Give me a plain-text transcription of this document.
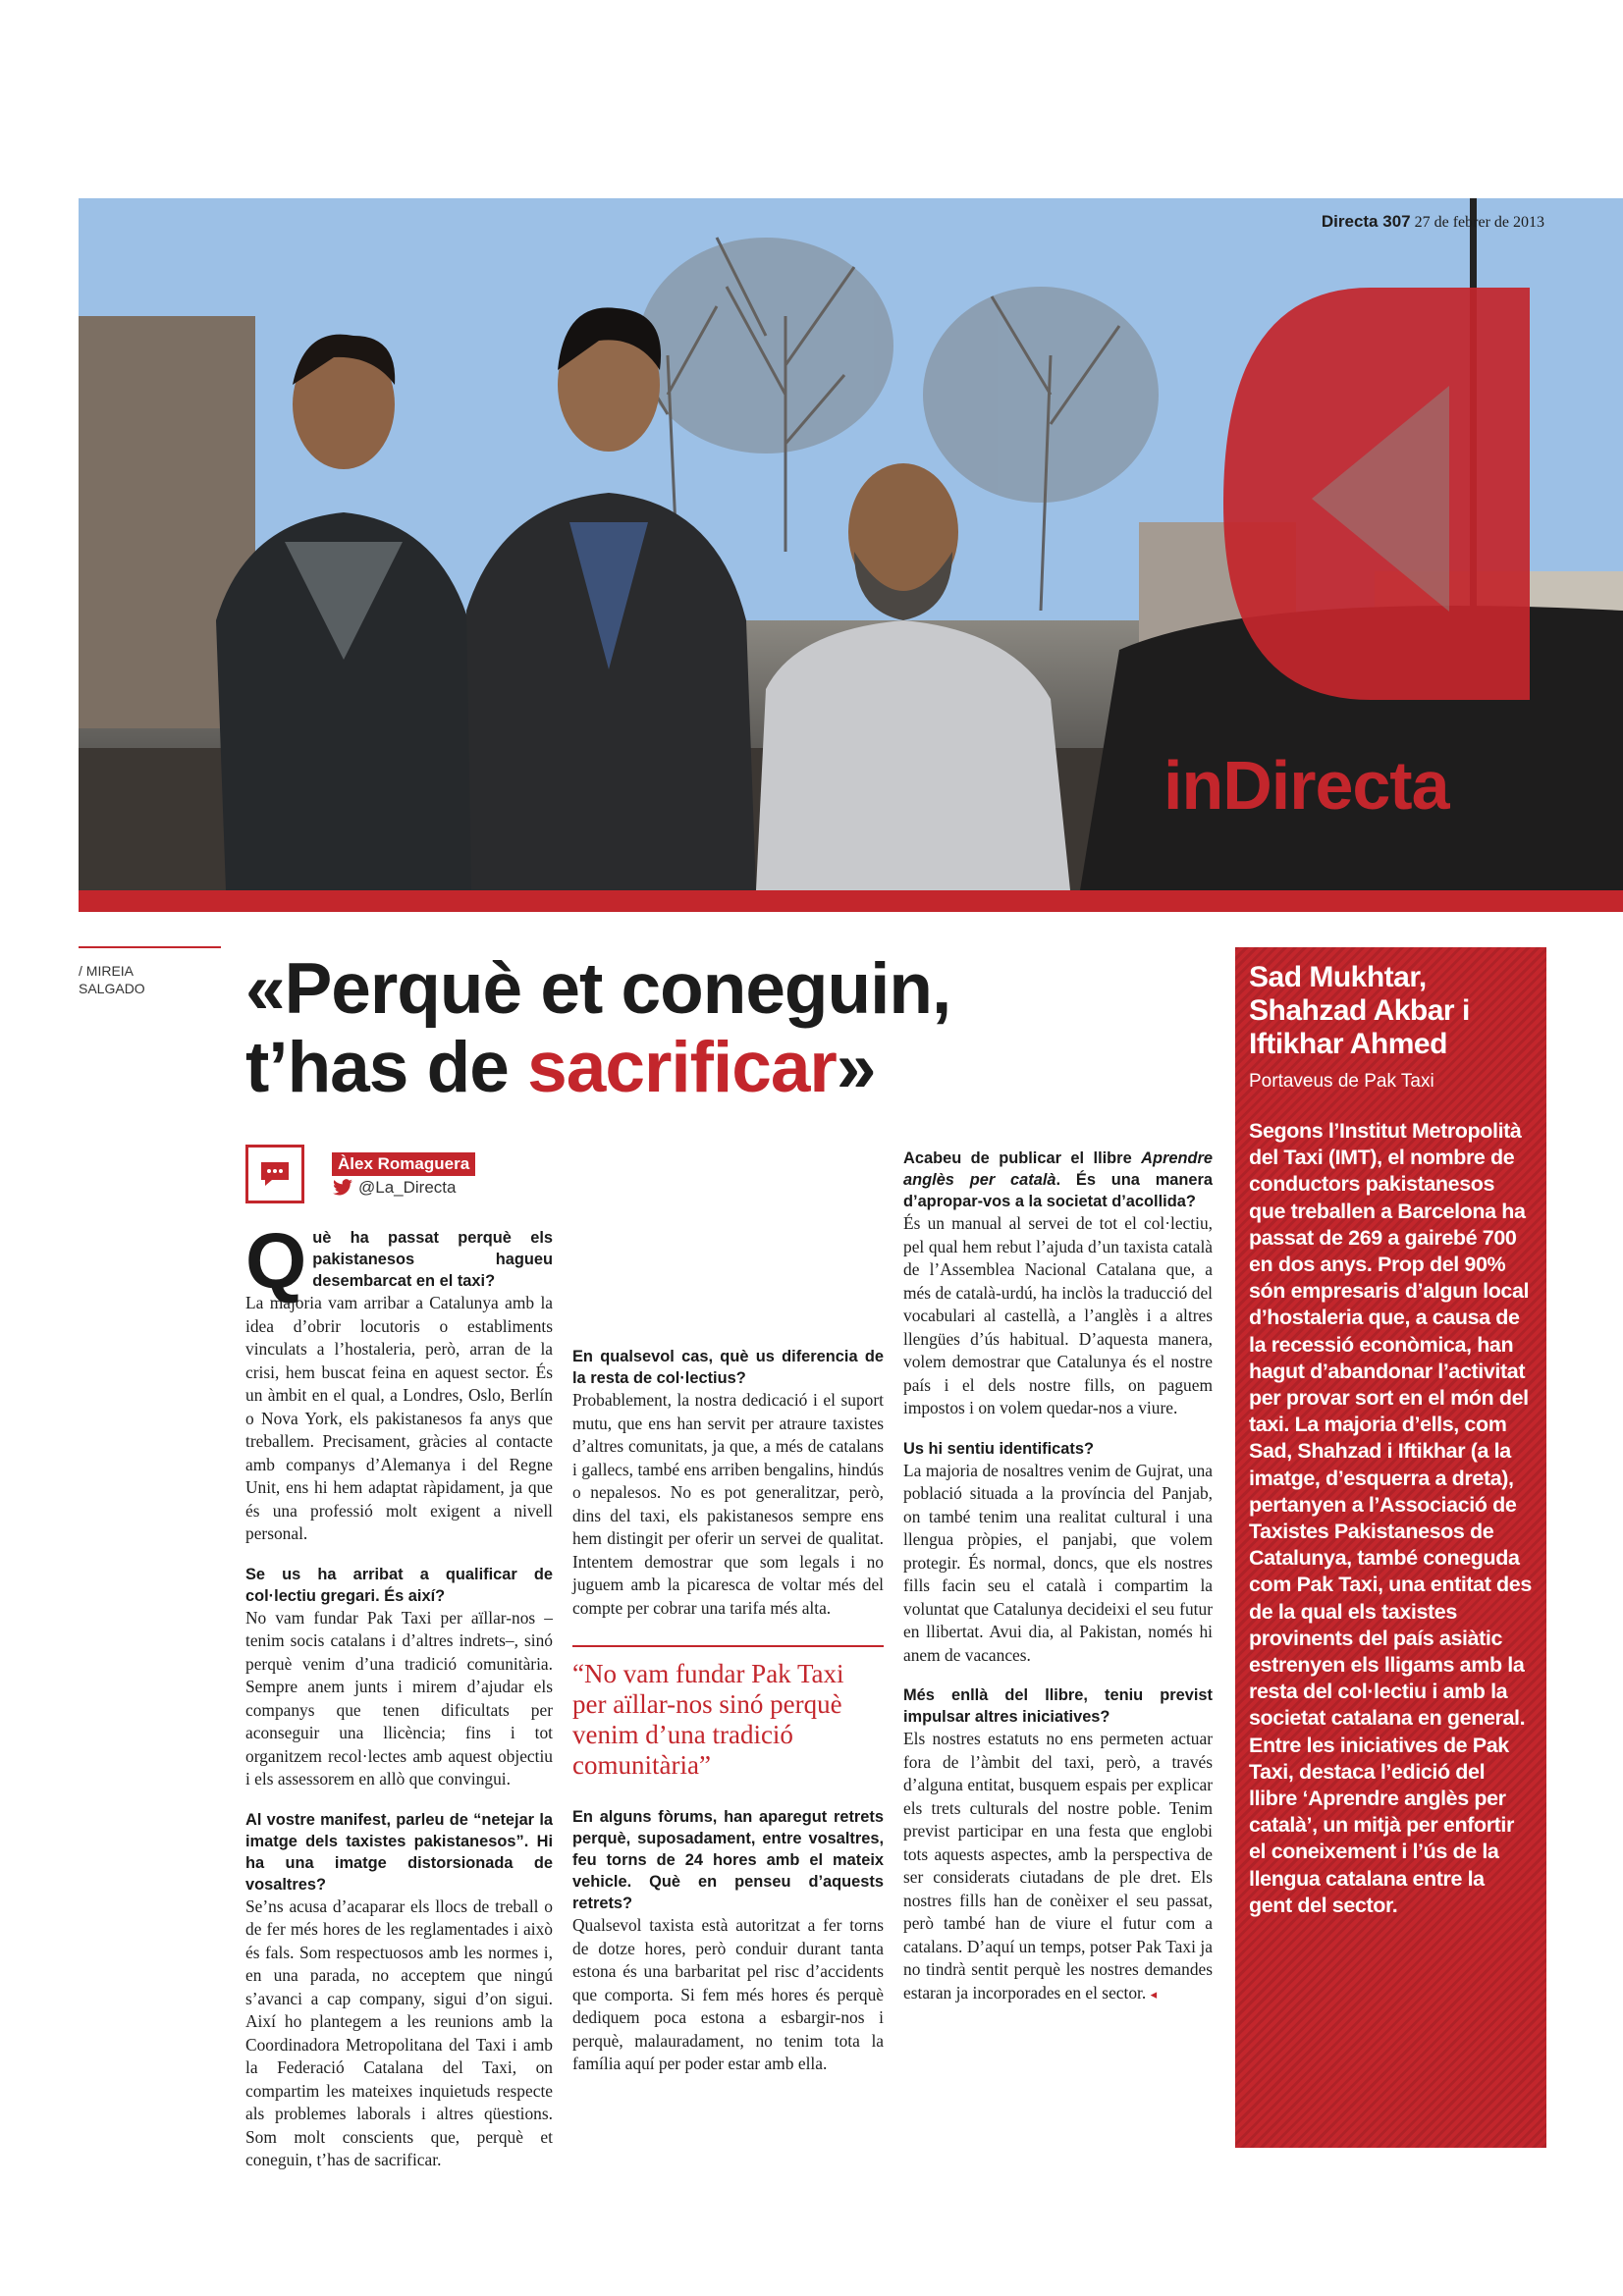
Directa 307 27 de febrer de 2013
inDirecta
/ MIREIA SALGADO	«Perquè et coneguin,
t’has de sacrificar»
Àlex Romaguera
@La_Directa

Què ha passat perquè els pakistanesos hagueu desembarcat en el taxi?

La majoria vam arribar a Catalunya amb la idea d’obrir locutoris o establiments vinculats a l’hostaleria, però, arran de la crisi, hem buscat feina en aquest sector. És un àmbit en el qual, a Londres, Oslo, Berlín o Nova York, els pakistanesos fa anys que treballem. Precisament, gràcies al contacte amb companys d’Alemanya i del Regne Unit, ens hi hem adaptat ràpidament, ja que és una professió molt exigent a nivell personal.

Se us ha arribat a qualificar de col·lectiu gregari. És així?

No vam fundar Pak Taxi per aïllar-nos –tenim socis catalans i d’altres indrets–, sinó perquè venim d’una tradició comunitària. Sempre anem junts i mirem d’ajudar els companys que tenen dificultats per aconseguir una llicència; fins i tot organitzem recol·lectes amb aquest objectiu i els assessorem en allò que convingui.

Al vostre manifest, parleu de “netejar la imatge dels taxistes pakistanesos”. Hi ha una imatge distorsionada de vosaltres?

Se’ns acusa d’acaparar els llocs de treball o de fer més hores de les reglamentades i això és fals. Som respectuosos amb les normes i, en una parada, no acceptem que ningú s’avanci a cap company, sigui d’on sigui. Així ho plantegem a les reunions amb la Coordinadora Metropolitana del Taxi i amb la Federació Catalana del Taxi, on compartim les mateixes inquietuds respecte als problemes laborals i altres qüestions. Som molt conscients que, perquè et coneguin, t’has de sacrificar.

En qualsevol cas, què us diferencia de la resta de col·lectius?

Probablement, la nostra dedicació i el suport mutu, que ens han servit per atraure taxistes d’altres comunitats, ja que, a més de catalans i gallecs, també ens arriben bengalins, hindús o nepalesos. No es pot generalitzar, però, dins del taxi, els pakistanesos sempre ens hem distingit per oferir un servei de qualitat. Intentem demostrar que som legals i no juguem amb la picaresca de voltar més del compte per cobrar una tarifa més alta.

“No vam fundar Pak Taxi per aïllar-nos sinó perquè venim d’una tradició comunitària”

En alguns fòrums, han aparegut retrets perquè, suposadament, entre vosaltres, feu torns de 24 hores amb el mateix vehicle. Què en penseu d’aquests retrets?

Qualsevol taxista està autoritzat a fer torns de dotze hores, però conduir durant tanta estona és una barbaritat pel risc d’accidents que comporta. Si fem més hores és perquè dediquem poca estona a esbargir-nos i perquè, malauradament, no tenim tota la família aquí per poder estar amb ella.

Acabeu de publicar el llibre Aprendre anglès per català. És una manera d’apropar-vos a la societat d’acollida?

És un manual al servei de tot el col·lectiu, pel qual hem rebut l’ajuda d’un taxista català de l’Assemblea Nacional Catalana que, a més de català-urdú, ha inclòs la traducció del vocabulari al castellà, a l’anglès i a altres llengües d’ús habitual. D’aquesta manera, volem demostrar que Catalunya és el nostre país i el dels nostre fills, on paguem impostos i on volem quedar-nos a viure.

Us hi sentiu identificats?

La majoria de nosaltres venim de Gujrat, una població situada a la província del Panjab, on també tenim una realitat cultural i una llengua pròpies, el panjabi, que volem protegir. És normal, doncs, que els nostres fills facin seu el català i compartim la voluntat que Catalunya decideixi el seu futur en llibertat. Avui dia, al Pakistan, només hi anem de vacances.

Més enllà del llibre, teniu previst impulsar altres iniciatives?

Els nostres estatuts no ens permeten actuar fora de l’àmbit del taxi, però, a través d’alguna entitat, busquem espais per explicar els trets culturals del nostre poble. Tenim previst participar en una festa que englobi tots aquests aspectes, amb la perspectiva de ser considerats ciutadans de ple dret. Els nostres fills han de conèixer el seu passat, però també han de viure el futur com a catalans. D’aquí un temps, potser Pak Taxi ja no tindrà sentit perquè les nostres demandes estaran ja incorporades en el sector. ◂

Sad Mukhtar, Shahzad Akbar i Iftikhar Ahmed
Portaveus de Pak Taxi
Segons l’Institut Metropolità del Taxi (IMT), el nombre de conductors pakistanesos que treballen a Barcelona ha passat de 269 a gairebé 700 en dos anys. Prop del 90% són empresaris d’algun local d’hostaleria que, a causa de la recessió econòmica, han hagut d’abandonar l’activitat per provar sort en el món del taxi. La majoria d’ells, com Sad, Shahzad i Iftikhar (a la imatge, d’esquerra a dreta), pertanyen a l’Associació de Taxistes Pakistanesos de Catalunya, també coneguda com Pak Taxi, una entitat des de la qual els taxistes provinents del país asiàtic estrenyen els lligams amb la resta del col·lectiu i amb la societat catalana en general. Entre les iniciatives de Pak Taxi, destaca l’edició del llibre ‘Aprendre anglès per català’, un mitjà per enfortir el coneixement i l’ús de la llengua catalana entre la gent del sector.
